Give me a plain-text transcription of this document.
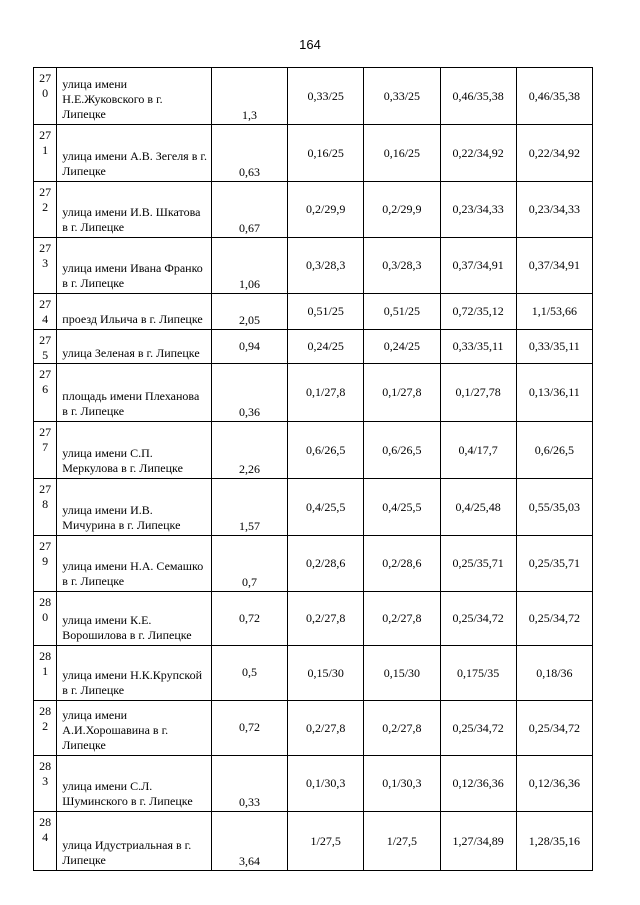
164
27
0	улица имени Н.Е.Жуковского в г. Липецке	1,3	0,33/25	0,33/25	0,46/35,38	0,46/35,38

27
1	улица имени А.В. Зегеля в г. Липецке	0,63	0,16/25	0,16/25	0,22/34,92	0,22/34,92

27
2	улица имени И.В. Шкатова в г. Липецке	0,67	0,2/29,9	0,2/29,9	0,23/34,33	0,23/34,33

27
3	улица имени Ивана Франко в г. Липецке	1,06	0,3/28,3	0,3/28,3	0,37/34,91	0,37/34,91

27
4	проезд Ильича в г. Липецке	2,05	0,51/25	0,51/25	0,72/35,12	1,1/53,66

27
5	улица Зеленая в г. Липецке	0,94	0,24/25	0,24/25	0,33/35,11	0,33/35,11

27
6	площадь имени Плеханова в г. Липецке	0,36	0,1/27,8	0,1/27,8	0,1/27,78	0,13/36,11

27
7	улица имени С.П. Меркулова в г. Липецке	2,26	0,6/26,5	0,6/26,5	0,4/17,7	0,6/26,5

27
8	улица имени И.В. Мичурина в г. Липецке	1,57	0,4/25,5	0,4/25,5	0,4/25,48	0,55/35,03

27
9	улица имени Н.А. Семашко в г. Липецке	0,7	0,2/28,6	0,2/28,6	0,25/35,71	0,25/35,71

28
0	улица имени К.Е. Ворошилова в г. Липецке	0,72	0,2/27,8	0,2/27,8	0,25/34,72	0,25/34,72

28
1	улица имени Н.К.Крупской в г. Липецке	0,5	0,15/30	0,15/30	0,175/35	0,18/36

28
2	улица имени А.И.Хорошавина в г. Липецке	0,72	0,2/27,8	0,2/27,8	0,25/34,72	0,25/34,72

28
3	улица имени С.Л. Шуминского в г. Липецке	0,33	0,1/30,3	0,1/30,3	0,12/36,36	0,12/36,36

28
4	улица Идустриальная в г. Липецке	3,64	1/27,5	1/27,5	1,27/34,89	1,28/35,16
